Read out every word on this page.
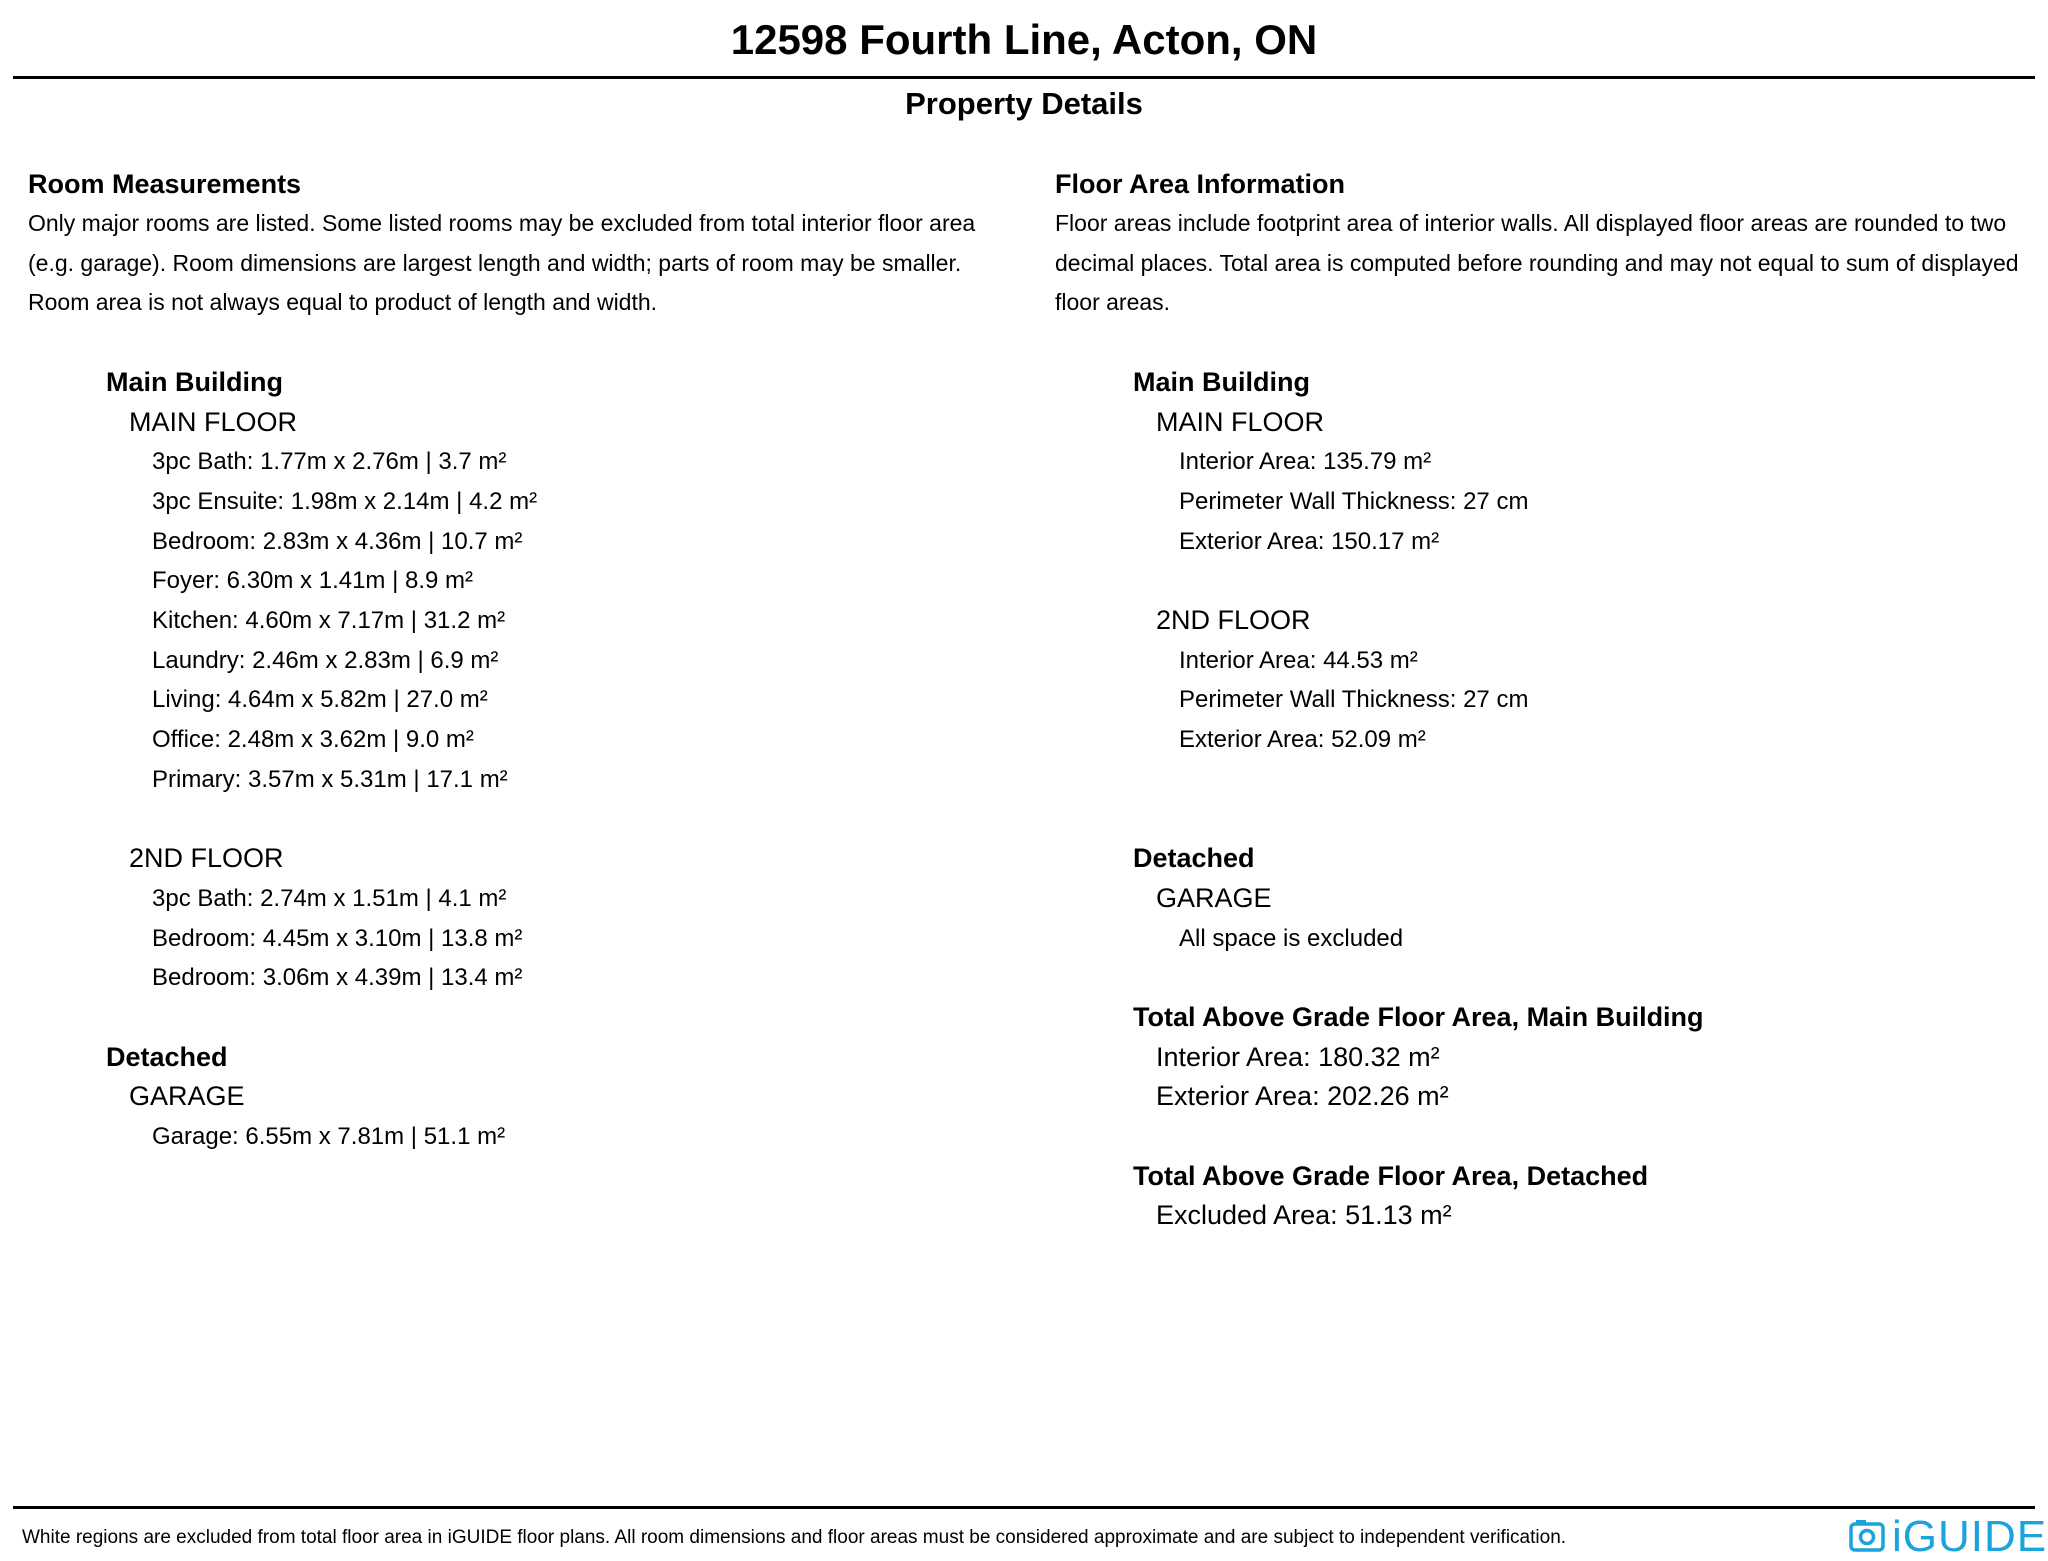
12598 Fourth Line, Acton, ON
Property Details
Room Measurements
Only major rooms are listed. Some listed rooms may be excluded from total interior floor area
(e.g. garage). Room dimensions are largest length and width; parts of room may be smaller.
Room area is not always equal to product of length and width.
Main Building
MAIN FLOOR
3pc Bath: 1.77m x 2.76m | 3.7 m²
3pc Ensuite: 1.98m x 2.14m | 4.2 m²
Bedroom: 2.83m x 4.36m | 10.7 m²
Foyer: 6.30m x 1.41m | 8.9 m²
Kitchen: 4.60m x 7.17m | 31.2 m²
Laundry: 2.46m x 2.83m | 6.9 m²
Living: 4.64m x 5.82m | 27.0 m²
Office: 2.48m x 3.62m | 9.0 m²
Primary: 3.57m x 5.31m | 17.1 m²
2ND FLOOR
3pc Bath: 2.74m x 1.51m | 4.1 m²
Bedroom: 4.45m x 3.10m | 13.8 m²
Bedroom: 3.06m x 4.39m | 13.4 m²
Detached
GARAGE
Garage: 6.55m x 7.81m | 51.1 m²
Floor Area Information
Floor areas include footprint area of interior walls. All displayed floor areas are rounded to two
decimal places. Total area is computed before rounding and may not equal to sum of displayed
floor areas.
Main Building
MAIN FLOOR
Interior Area: 135.79 m²
Perimeter Wall Thickness: 27 cm
Exterior Area: 150.17 m²
2ND FLOOR
Interior Area: 44.53 m²
Perimeter Wall Thickness: 27 cm
Exterior Area: 52.09 m²
Detached
GARAGE
All space is excluded
Total Above Grade Floor Area, Main Building
Interior Area: 180.32 m²
Exterior Area: 202.26 m²
Total Above Grade Floor Area, Detached
Excluded Area: 51.13 m²
White regions are excluded from total floor area in iGUIDE floor plans. All room dimensions and floor areas must be considered approximate and are subject to independent verification.	iGUIDE
